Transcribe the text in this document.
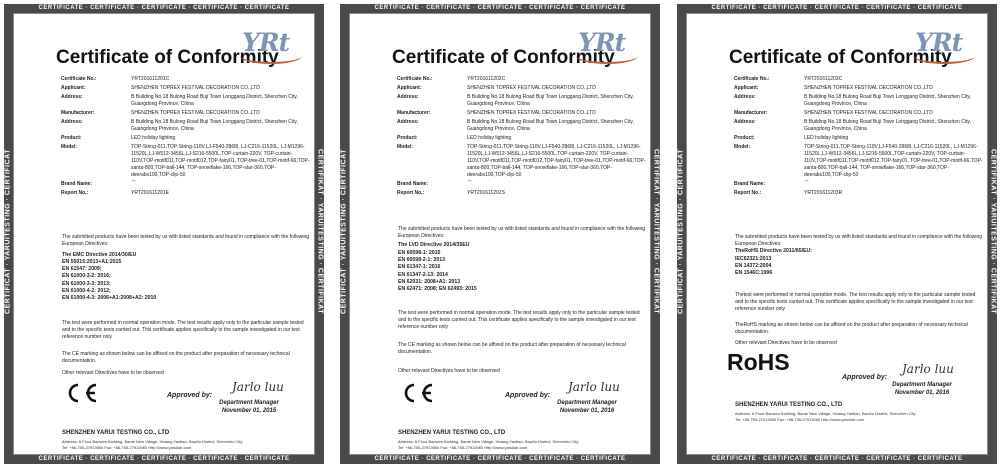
CERTIFICATE · CERTIFICATE · CERTIFICATE · CERTIFICATE · CERTIFICATE
CERTIFICATE · CERTIFICATE · CERTIFICATE · CERTIFICATE · CERTIFICATE
CERTIFICAT · YARUITESTING · CERTIFICAT	CERTIFIKAT · YARUITESTING · CERTIFIKAT
Certificate of Conformity
YRt
Certificate No.:	YRT201611201C
Applicant:	SHENZHEN TOPREX FESTIVAL DECORATION CO.,LTD
Address:	B Building No.18 Bulong Road Buji Town Longgang District, Shenzhen City, Guangdong Province, China
Manufacturer:	SHENZHEN TOPREX FESTIVAL DECORATION CO.,LTD
Address:	B Building No.18 Bulong Road Buji Town Longgang District, Shenzhen City, Guangdong Province, China
Product:	LED holiday lighting
Model:	TOP-String-011,TOP-String-110V,LJ-F540-2868I, LJ-C216-11520L, LJ-M1296-11520L,LJ-W512-3456L,LJ-S216-5500L,TOP-curtain-220V, TOP-curtain-110V,TOP-motif011,TOP-motif012,TOP-fairy01, TOP-tree-01,TOP-motif-66,TOP-santa-800,TOP-ball-144, TOP-snowflake-166,TOP-star-360,TOP-deerabs100,TOP-clip-50
Brand Name:	⌒
Report No.:	YRT201611201E
The submitted products have been tested by us with listed standards and found in compliance with the following European Directives:
The EMC Directive 2014/30/EU
EN 55015:2013+A1:2015
EN 61547: 2009;
EN 61000-3-2: 2016;
EN 61000-3-3: 2013;
EN 61000-4-2: 2012;
EN 61000-4-3: 2006+A1:2008+A2: 2010
The test were performed in normal operation mode. The test results apply only to the particular sample tested and to the specific tests carried out. This certificate applies specifically to the sample investigated in our test reference number only
The CE marking as shown below can be affixed on the product after preparation of necessary technical documentation.
Other relevant Directives have to be observed
Approved by:
Jarlo luu
Department Manager
November 01, 2015
SHENZHEN YARUI TESTING CO., LTD
Address: 6 Floor Baowen Building, Baote New Village, Xixiang Yantian, BaoAn District, Shenzhen City
Tel: +86-755-27913060 Fax: +86-755-27913060 Http://www.yaruilab.com
CERTIFICATE · CERTIFICATE · CERTIFICATE · CERTIFICATE · CERTIFICATE
CERTIFICATE · CERTIFICATE · CERTIFICATE · CERTIFICATE · CERTIFICATE
CERTIFICAT · YARUITESTING · CERTIFICAT	CERTIFIKAT · YARUITESTING · CERTIFIKAT
Certificate of Conformity
YRt
Certificate No.:	YRT201611202C
Applicant:	SHENZHEN TOPREX FESTIVAL DECORATION CO.,LTD
Address:	B Building No.18 Bulong Road Buji Town Longgang District, Shenzhen City, Guangdong Province, China
Manufacturer:	SHENZHEN TOPREX FESTIVAL DECORATION CO.,LTD
Address:	B Building No.18 Bulong Road Buji Town Longgang District, Shenzhen City, Guangdong Province, China
Product:	LED holiday lighting
Model:	TOP-String-011,TOP-String-110V,LJ-F540-2868I, LJ-C216-11520L, LJ-M1296-11520L,LJ-W512-3456L,LJ-S216-5500L,TOP-curtain-220V, TOP-curtain-110V,TOP-motif011,TOP-motif012,TOP-fairy01, TOP-tree-01,TOP-motif-66,TOP-santa-800,TOP-ball-144, TOP-snowflake-166,TOP-star-360,TOP-deerabs100,TOP-clip-50
Brand Name:	⌒
Report No.:	YRT201611202S
The submitted products have been tested by us with listed standards and found in compliance with the following European Directives:
The LVD Directive 2014/35EU
EN 60598-1: 2015
EN 60598-2-1: 2013
EN 61347-1: 2016
EN 61347-2-13: 2014
EN 62031: 2008+A1: 2013
EN 62471: 2008; EN 62493: 2015
The test were performed in normal operation mode. The test results apply only to the particular sample tested and to the specific tests carried out. This certificate applies specifically to the sample investigated in our test reference number only
The CE marking as shown below can be affixed on the product after preparation of necessary technical documentation.
Other relevant Directives have to be observed
Approved by:
Jarlo luu
Department Manager
November 01, 2016
SHENZHEN YARUI TESTING CO., LTD
Address: 6 Floor Baowen Building, Baote New Village, Xixiang Yantian, BaoAn District, Shenzhen City
Tel: +86-755-27913060 Fax: +86-755-27913060 Http://www.yaruilab.com
CERTIFICATE · CERTIFICATE · CERTIFICATE · CERTIFICATE · CERTIFICATE
CERTIFICATE · CERTIFICATE · CERTIFICATE · CERTIFICATE · CERTIFICATE
CERTIFICAT · YARUITESTING · CERTIFICAT	CERTIFIKAT · YARUITESTING · CERTIFIKAT
Certificate of Conformity
YRt
Certificate No.:	YRT201611203C
Applicant:	SHENZHEN TOPREX FESTIVAL DECORATION CO.,LTD
Address:	B Building No.18 Bulong Road Buji Town Longgang District, Shenzhen City, Guangdong Province, China
Manufacturer:	SHENZHEN TOPREX FESTIVAL DECORATION CO.,LTD
Address:	B Building No.18 Bulong Road Buji Town Longgang District, Shenzhen City, Guangdong Province, China
Product:	LED holiday lighting
Model:	TOP-String-011,TOP-String-110V,LJ-F540-2868I, LJ-C216-11520L, LJ-M1296-11520L,LJ-W512-3456L,LJ-S216-5500L,TOP-curtain-220V, TOP-curtain-110V,TOP-motif011,TOP-motif012,TOP-fairy01, TOP-tree-01,TOP-motif-66,TOP-santa-800,TOP-ball-144, TOP-snowflake-166,TOP-star-360,TOP-deerabs100,TOP-clip-50
Brand Name:	⌒
Report No.:	YRT201611203R
The submitted products have been tested by us with listed standards and found in compliance with the following European Directives:
TheRoHS Directive 2011/65/EU:
IEC62321:2013
EN 14372:2004
EN 1546C:1996
Thetest were performed in normal operation mode. The test results apply only to the particular sample tested and to the specific tests carried out. This certificate applies specifically to the sample investigated in our test reference number only
TheRoHS marking as shown below can be affixed on the product after preparation of necessary technical documentation.
Other relevant Directives have to be observed
RoHS
Approved by:
Jarlo luu
Department Manager
November 01, 2016
SHENZHEN YARUI TESTING CO., LTD
Address: 6 Floor Baowen Building, Baote New Village, Xixiang Yantian, BaoAn District, Shenzhen City
Tel: +86-755-27913060 Fax: +86-755-27913060 Http://www.yaruilab.com
